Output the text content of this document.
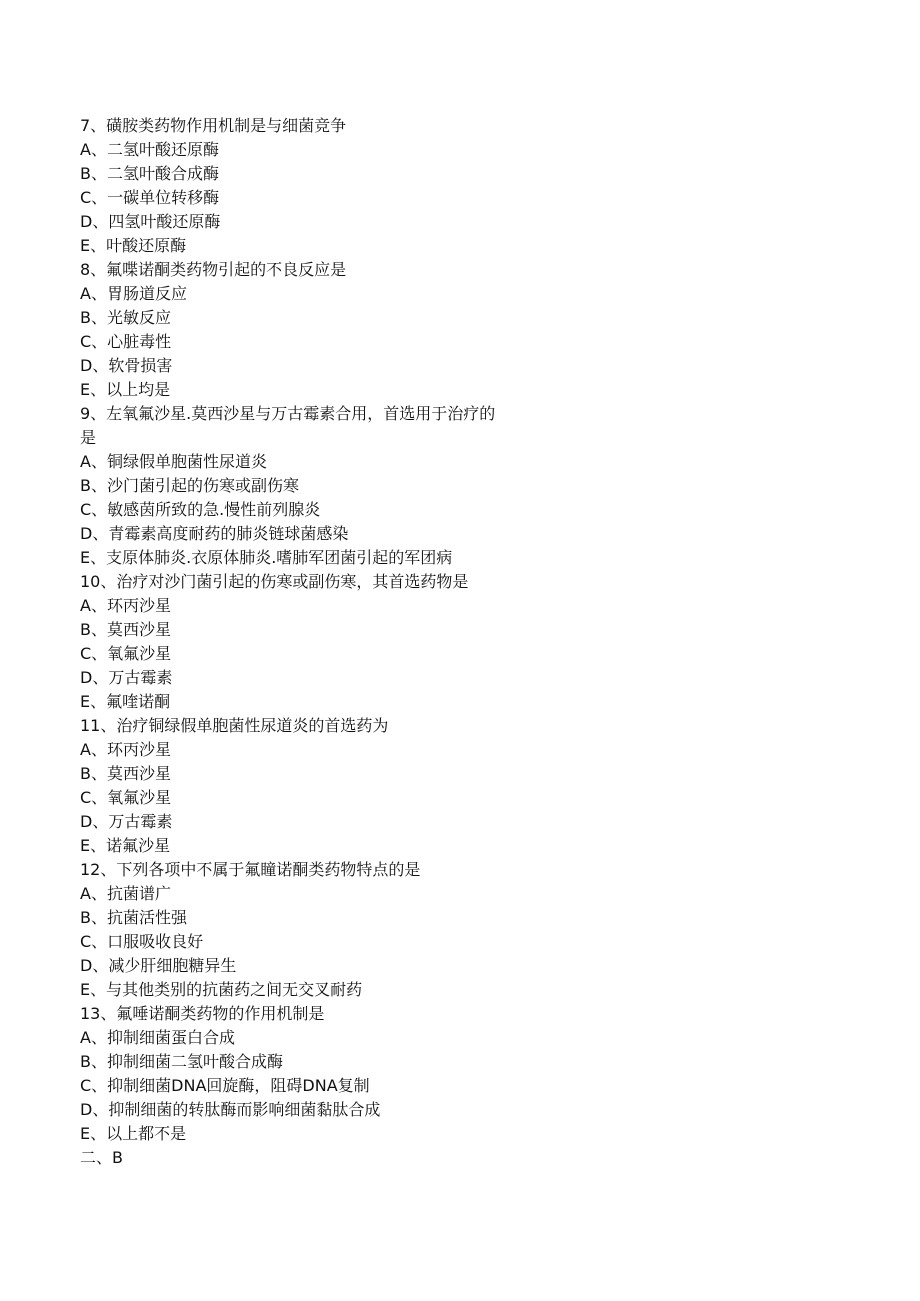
7、磺胺类药物作用机制是与细菌竞争
A、二氢叶酸还原酶
B、二氢叶酸合成酶
C、一碳单位转移酶
D、四氢叶酸还原酶
E、叶酸还原酶
8、氟喋诺酮类药物引起的不良反应是
A、胃肠道反应
B、光敏反应
C、心脏毒性
D、软骨损害
E、以上均是
9、左氧氟沙星.莫西沙星与万古霉素合用，首选用于治疗的
是
A、铜绿假单胞菌性尿道炎
B、沙门菌引起的伤寒或副伤寒
C、敏感茵所致的急.慢性前列腺炎
D、青霉素高度耐药的肺炎链球菌感染
E、支原体肺炎.衣原体肺炎.嗜肺军团菌引起的军团病
10、治疗对沙门菌引起的伤寒或副伤寒，其首选药物是
A、环丙沙星
B、莫西沙星
C、氧氟沙星
D、万古霉素
E、氟喹诺酮
11、治疗铜绿假单胞菌性尿道炎的首选药为
A、环丙沙星
B、莫西沙星
C、氧氟沙星
D、万古霉素
E、诺氟沙星
12、下列各项中不属于氟瞳诺酮类药物特点的是
A、抗菌谱广
B、抗菌活性强
C、口服吸收良好
D、减少肝细胞糖异生
E、与其他类别的抗菌药之间无交叉耐药
13、氟唾诺酮类药物的作用机制是
A、抑制细菌蛋白合成
B、抑制细菌二氢叶酸合成酶
C、抑制细菌DNA回旋酶，阻碍DNA复制
D、抑制细菌的转肽酶而影响细菌黏肽合成
E、以上都不是
二、B
